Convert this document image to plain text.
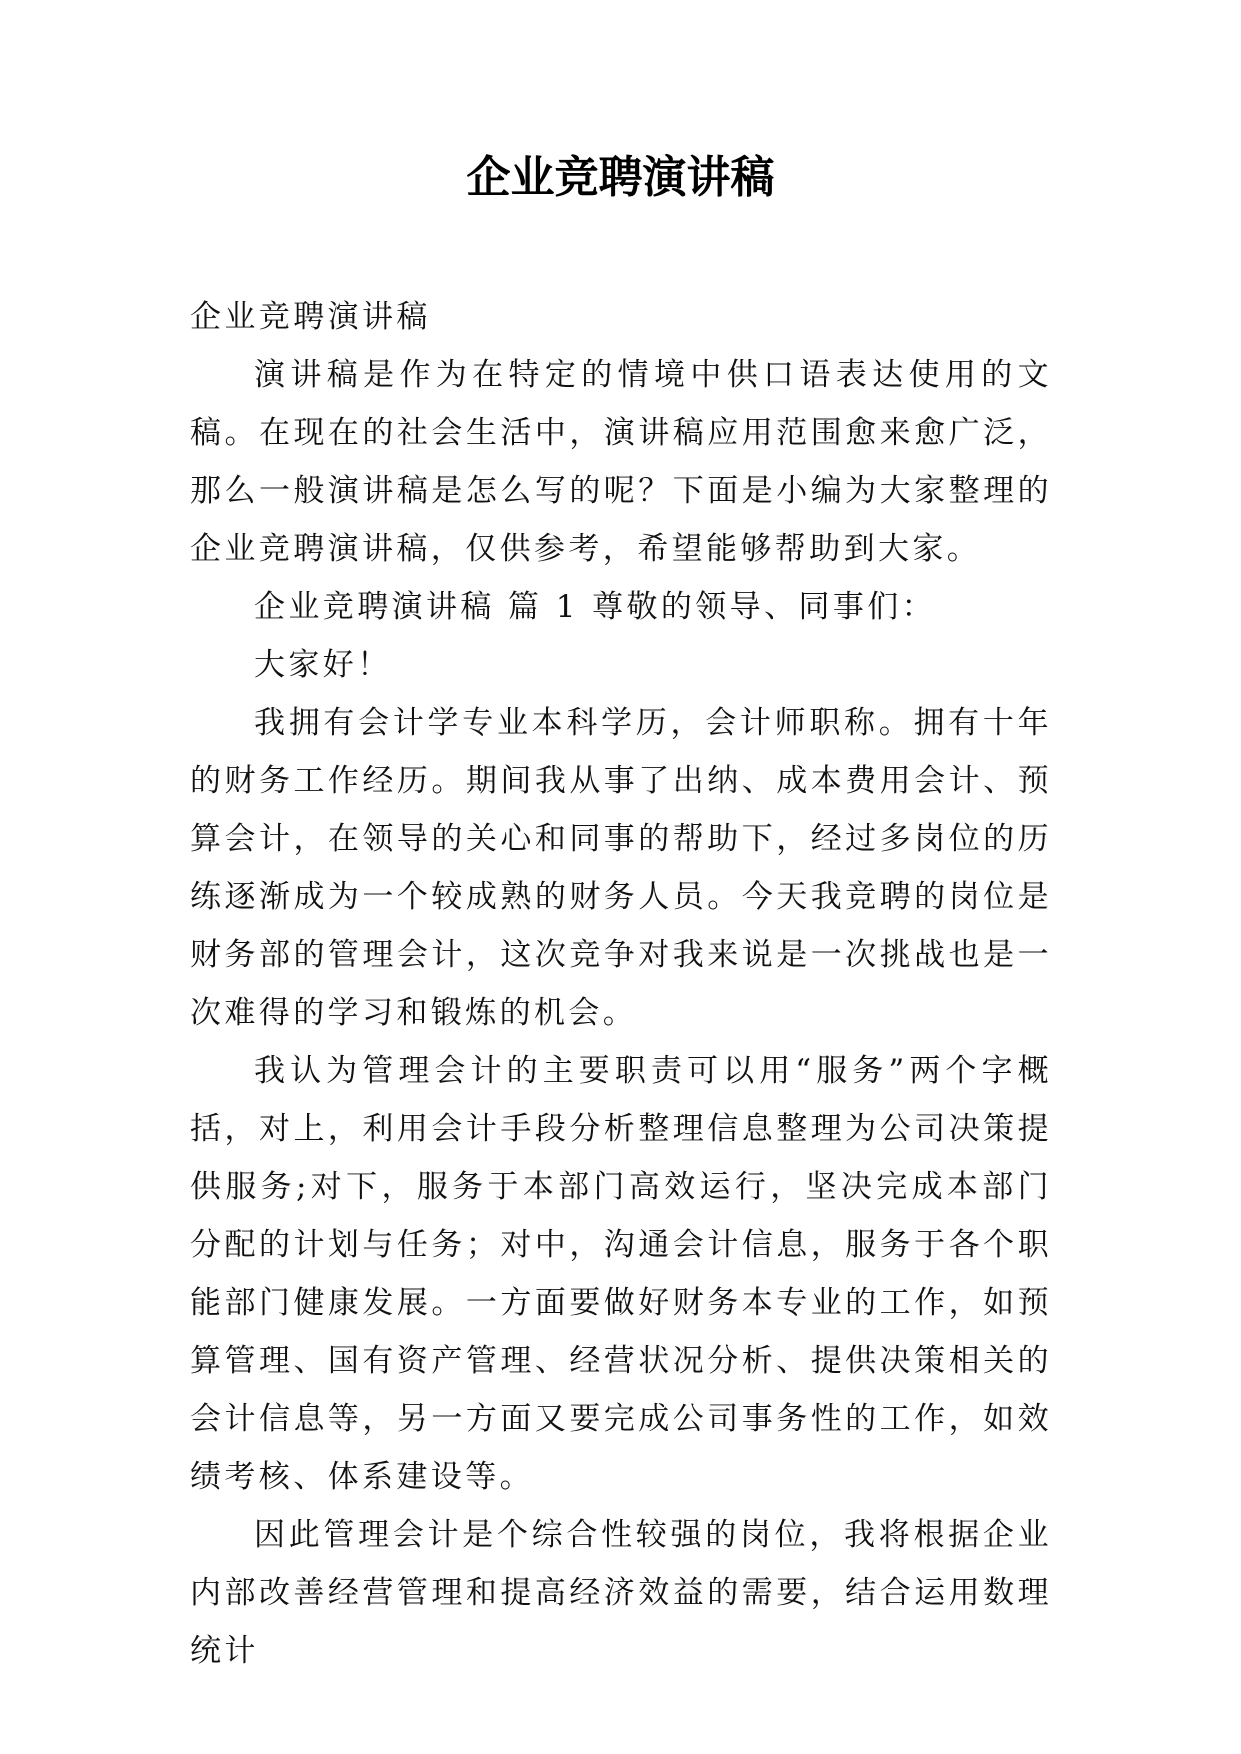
企业竞聘演讲稿

企业竞聘演讲稿

演讲稿是作为在特定的情境中供口语表达使用的文稿。在现在的社会生活中，演讲稿应用范围愈来愈广泛，那么一般演讲稿是怎么写的呢？下面是小编为大家整理的企业竞聘演讲稿，仅供参考，希望能够帮助到大家。

企业竞聘演讲稿 篇 1 尊敬的领导、同事们：

大家好！

我拥有会计学专业本科学历，会计师职称。拥有十年的财务工作经历。期间我从事了出纳、成本费用会计、预算会计，在领导的关心和同事的帮助下，经过多岗位的历练逐渐成为一个较成熟的财务人员。今天我竞聘的岗位是财务部的管理会计，这次竞争对我来说是一次挑战也是一次难得的学习和锻炼的机会。

我认为管理会计的主要职责可以用“服务”两个字概括，对上，利用会计手段分析整理信息整理为公司决策提供服务;对下，服务于本部门高效运行，坚决完成本部门分配的计划与任务；对中，沟通会计信息，服务于各个职能部门健康发展。一方面要做好财务本专业的工作，如预算管理、国有资产管理、经营状况分析、提供决策相关的会计信息等，另一方面又要完成公司事务性的工作，如效绩考核、体系建设等。

因此管理会计是个综合性较强的岗位，我将根据企业内部改善经营管理和提高经济效益的需要，结合运用数理统计
